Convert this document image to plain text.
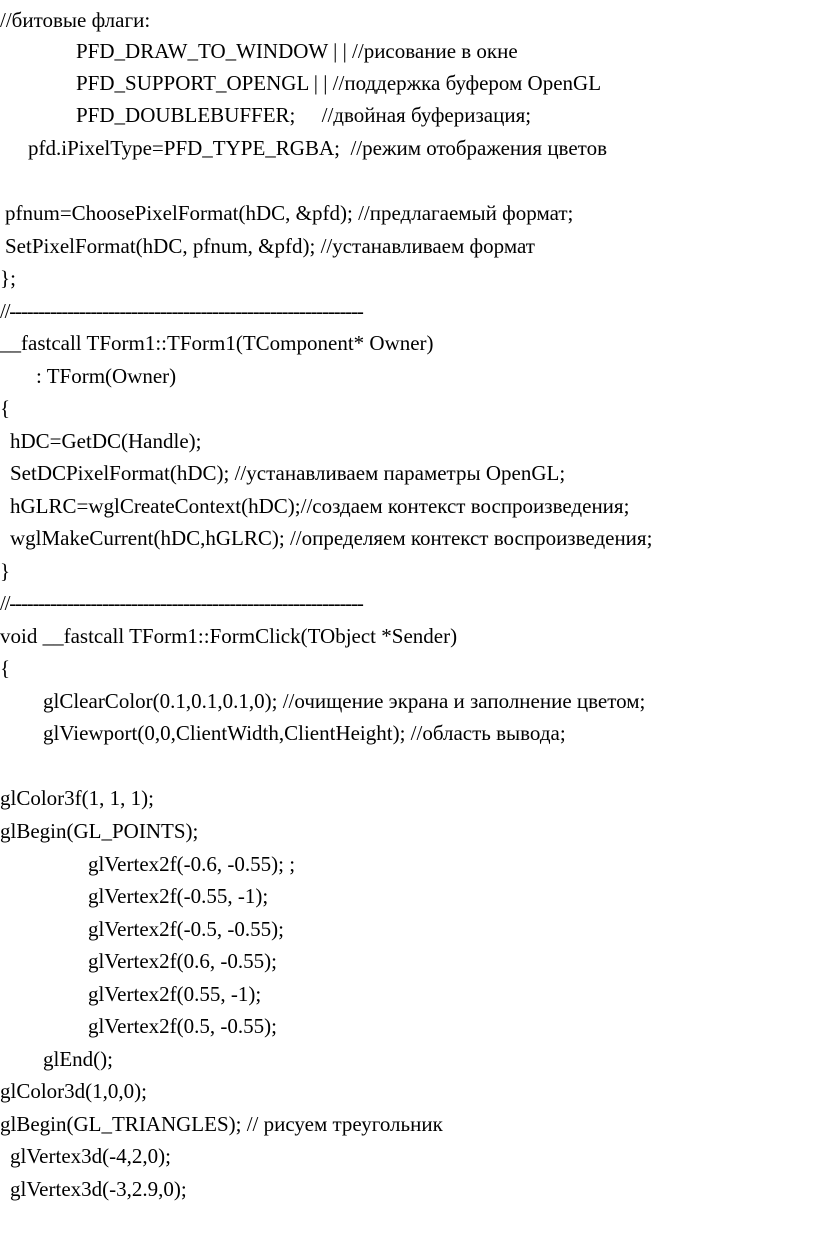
//битовые флаги:
PFD_DRAW_TO_WINDOW | | //рисование в окне
PFD_SUPPORT_OPENGL | | //поддержка буфером OpenGL
PFD_DOUBLEBUFFER;     //двойная буферизация;
pfd.iPixelType=PFD_TYPE_RGBA;  //режим отображения цветов
pfnum=ChoosePixelFormat(hDC, &pfd); //предлагаемый формат;
SetPixelFormat(hDC, pfnum, &pfd); //устанавливаем формат
};
//-------------------------------------------------------------
__fastcall TForm1::TForm1(TComponent* Owner)
: TForm(Owner)
{
hDC=GetDC(Handle);
SetDCPixelFormat(hDC); //устанавливаем параметры OpenGL;
hGLRC=wglCreateContext(hDC);//создаем контекст воспроизведения;
wglMakeCurrent(hDC,hGLRC); //определяем контекст воспроизведения;
}
//-------------------------------------------------------------
void __fastcall TForm1::FormClick(TObject *Sender)
{
glClearColor(0.1,0.1,0.1,0); //очищение экрана и заполнение цветом;
glViewport(0,0,ClientWidth,ClientHeight); //область вывода;
glColor3f(1, 1, 1);
glBegin(GL_POINTS);
glVertex2f(-0.6, -0.55); ;
glVertex2f(-0.55, -1);
glVertex2f(-0.5, -0.55);
glVertex2f(0.6, -0.55);
glVertex2f(0.55, -1);
glVertex2f(0.5, -0.55);
glEnd();
glColor3d(1,0,0);
glBegin(GL_TRIANGLES); // рисуем треугольник
glVertex3d(-4,2,0);
glVertex3d(-3,2.9,0);
